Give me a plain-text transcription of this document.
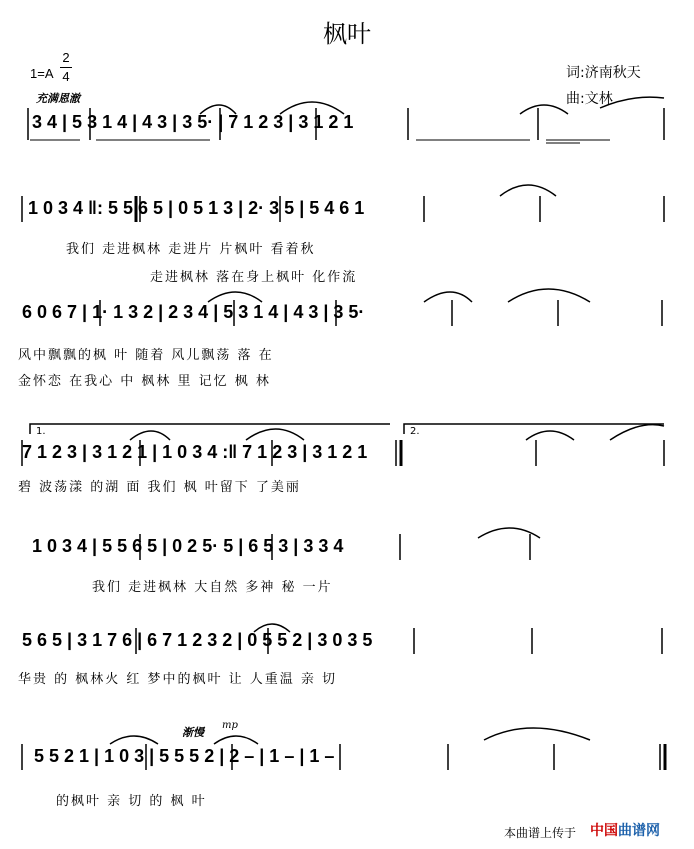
枫叶
1=A
2
4
充满恩澈
词:济南秋天
曲:文林
3 4 | 5 3 1 4 | 4 3 | 3 5· | 7 1 2 3 | 3 1 2 1
1 0 3 4 ‖: 5 5 6 5 | 0 5 1 3 | 2· 3 5 | 5 4 6 1
我们 走进枫林 走进片 片枫叶 看着秋
走进枫林 落在身上枫叶 化作流
6 0 6 7 | 1· 1 3 2 | 2 3 4 | 5 3 1 4 | 4 3 | 3 5·
风中飘飘的枫 叶 随着 风儿飘荡 落 在
金怀恋 在我心 中 枫林 里 记忆 枫 林
1.	2.
7 1 2 3 | 3 1 2 1 | 1 0 3 4 :‖ 7 1 2 3 | 3 1 2 1
碧 波荡漾 的湖 面 我们 枫 叶留下 了美丽
1 0 3 4 | 5 5 6 5 | 0 2 5· 5 | 6 5 3 | 3 3 4
我们 走进枫林 大自然 多神 秘 一片
5 6 5 | 3 1 7 6 | 6 7 1 2 3 2 | 0 5 5 2 | 3 0 3 5
华贵 的 枫林火 红 梦中的枫叶 让 人重温 亲 切
渐慢
mp
5 5 2 1 | 1 0 3 | 5 5 5 2 | 2 – | 1 – | 1 –
的枫叶 亲 切 的 枫 叶
本曲谱上传于 中国曲谱网
